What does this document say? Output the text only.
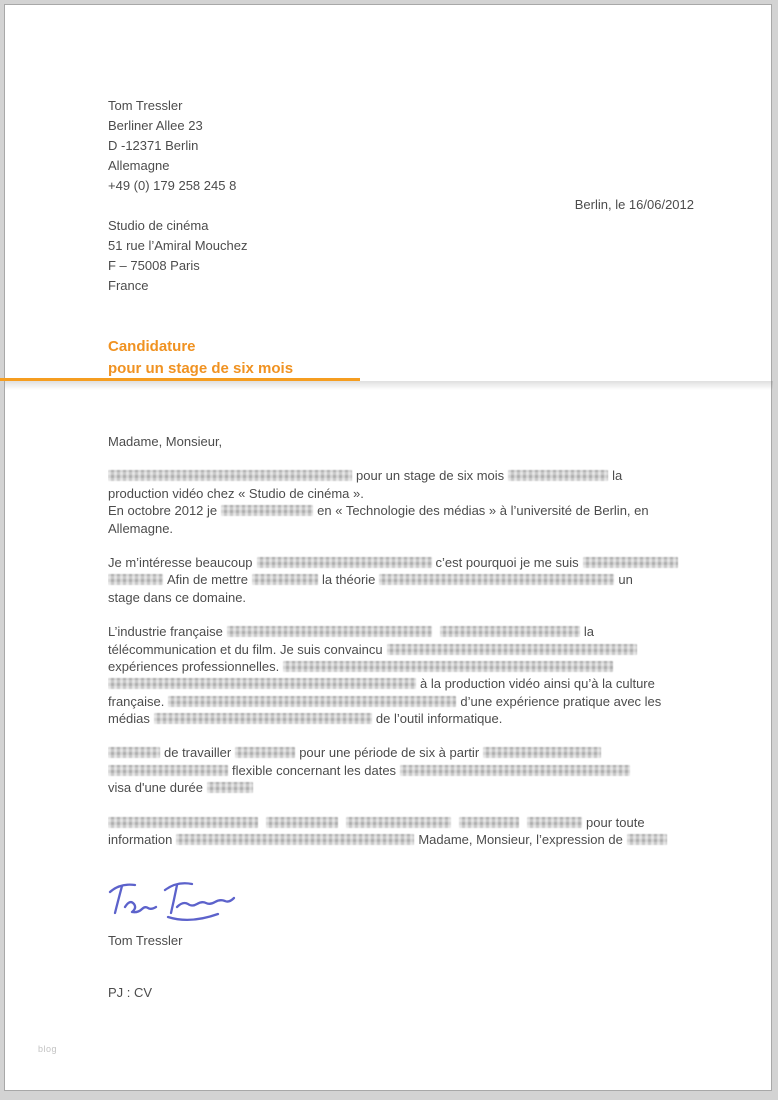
Tom Tressler
Berliner Allee 23
D -12371 Berlin
Allemagne
+49 (0) 179 258 245 8
Berlin, le 16/06/2012
Studio de cinéma
51 rue l’Amiral Mouchez
F – 75008 Paris
France
Candidature
pour un stage de six mois

Madame, Monsieur,

pour un stage de six mois	la
production vidéo chez « Studio de cinéma ».
En octobre 2012 je	en « Technologie des médias » à l’université de Berlin, en
Allemagne.
Je m’intéresse beaucoup	c’est pourquoi je me suis
Afin de mettre	la théorie	un
stage dans ce domaine.
L’industrie française	la
télécommunication et du film. Je suis convaincu
expériences professionnelles.
à la production vidéo ainsi qu’à la culture
française.	d’une expérience pratique avec les
médias	de l’outil informatique.
de travailler	pour une période de six à partir
flexible concernant les dates
visa d'une durée
pour toute
information	Madame, Monsieur, l’expression de
Tom Tressler
PJ : CV
blog
